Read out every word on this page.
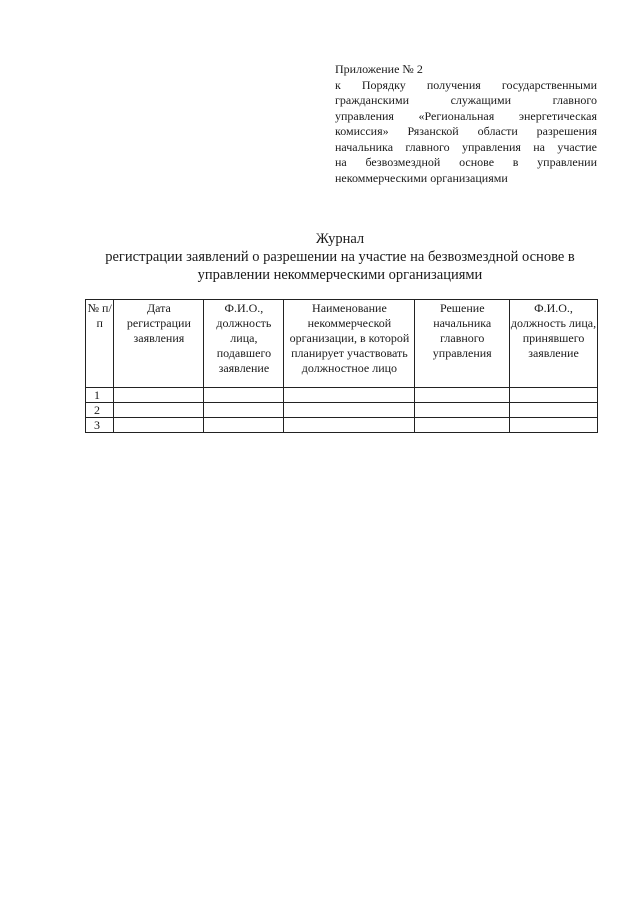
Приложение № 2
к Порядку получения государственными
гражданскими служащими главного
управления «Региональная энергетическая
комиссия» Рязанской области разрешения
начальника главного управления на участие
на безвозмездной основе в управлении
некоммерческими организациями
Журнал
регистрации заявлений о разрешении на участие на безвозмездной основе в
управлении некоммерческими организациями
№ п/п	Дата регистрации заявления	Ф.И.О., должность лица, подавшего заявление	Наименование некоммерческой организации, в которой планирует участвовать должностное лицо	Решение начальника главного управления	Ф.И.О., должность лица, принявшего заявление
1					
2					
3					
